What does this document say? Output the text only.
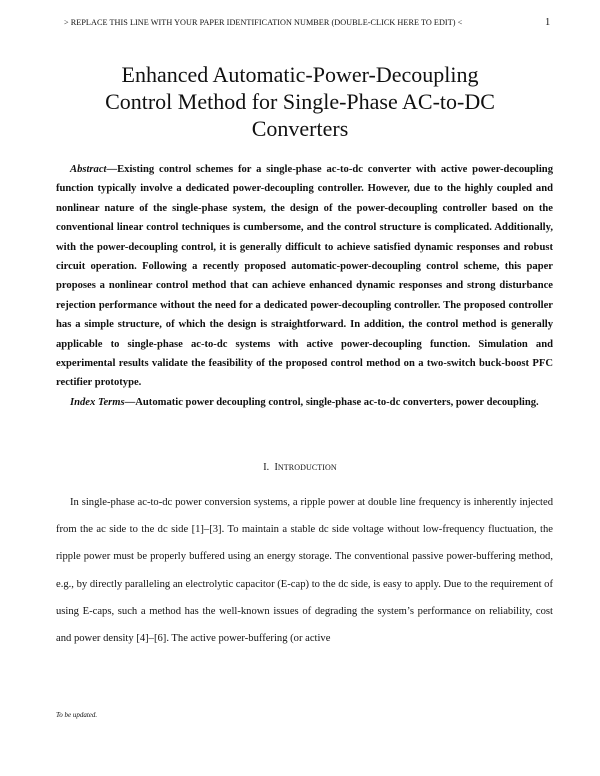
> REPLACE THIS LINE WITH YOUR PAPER IDENTIFICATION NUMBER (DOUBLE-CLICK HERE TO EDIT) <	1
Enhanced Automatic-Power-Decoupling
Control Method for Single-Phase AC-to-DC
Converters

Abstract—Existing control schemes for a single-phase ac-to-dc converter with active power-decoupling function typically involve a dedicated power-decoupling controller. However, due to the highly coupled and nonlinear nature of the single-phase system, the design of the power-decoupling controller based on the conventional linear control techniques is cumbersome, and the control structure is complicated. Additionally, with the power-decoupling control, it is generally difficult to achieve satisfied dynamic responses and robust circuit operation. Following a recently proposed automatic-power-decoupling control scheme, this paper proposes a nonlinear control method that can achieve enhanced dynamic responses and strong disturbance rejection performance without the need for a dedicated power-decoupling controller. The proposed controller has a simple structure, of which the design is straightforward. In addition, the control method is generally applicable to single-phase ac-to-dc systems with active power-decoupling function. Simulation and experimental results validate the feasibility of the proposed control method on a two-switch buck-boost PFC rectifier prototype.

Index Terms—Automatic power decoupling control, single-phase ac-to-dc converters, power decoupling.

I. INTRODUCTION

In single-phase ac-to-dc power conversion systems, a ripple power at double line frequency is inherently injected from the ac side to the dc side [1]–[3]. To maintain a stable dc side voltage without low-frequency fluctuation, the ripple power must be properly buffered using an energy storage. The conventional passive power-buffering method, e.g., by directly paralleling an electrolytic capacitor (E-cap) to the dc side, is easy to apply. Due to the requirement of using E-caps, such a method has the well-known issues of degrading the system’s performance on reliability, cost and power density [4]–[6]. The active power-buffering (or active

To be updated.
